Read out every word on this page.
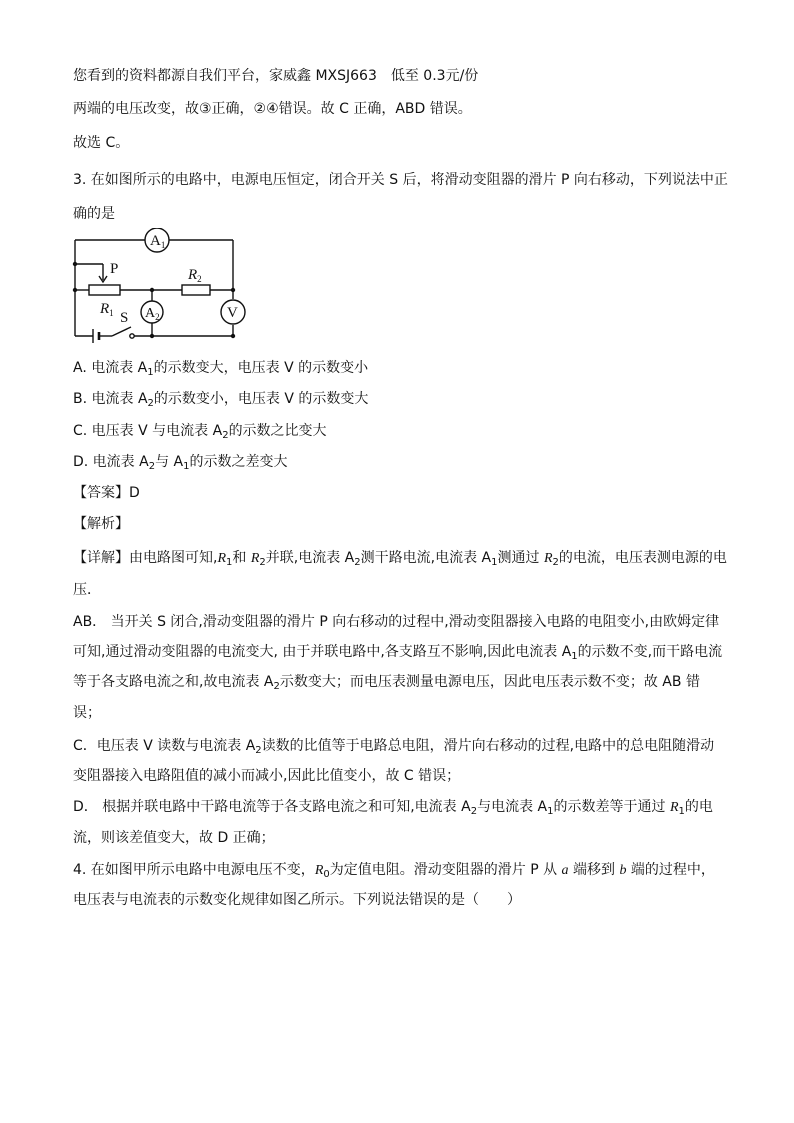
您看到的资料都源自我们平台，家威鑫 MXSJ663　低至 0.3元/份
两端的电压改变，故③正确，②④错误。故 C 正确，ABD 错误。
故选 C。
3. 在如图所示的电路中，电源电压恒定，闭合开关 S 后，将滑动变阻器的滑片 P 向右移动，下列说法中正
确的是
$A_1$
P	$R_2$
$R_1$ S $A_2$	V
A. 电流表 $A_1$的示数变大，电压表 V 的示数变小
B. 电流表 $A_2$的示数变小，电压表 V 的示数变大
C. 电压表 V 与电流表 $A_2$的示数之比变大
D. 电流表 $A_2$与 $A_1$的示数之差变大
【答案】D
【解析】
【详解】由电路图可知$,R_1$和 $R_2$并联,电流表 $A_2$测干路电流,电流表 $A_1$测通过 $R_2$的电流，电压表测电源的电
压．
AB． 当开关 S 闭合,滑动变阻器的滑片 P 向右移动的过程中,滑动变阻器接入电路的电阻变小,由欧姆定律
可知,通过滑动变阻器的电流变大, 由于并联电路中,各支路互不影响,因此电流表 $A_1$的示数不变,而干路电流
等于各支路电流之和,故电流表 $A_2$示数变大；而电压表测量电源电压，因此电压表示数不变；故 AB 错
误；
C．电压表 V 读数与电流表 $A_2$读数的比值等于电路总电阻，滑片向右移动的过程,电路中的总电阻随滑动
变阻器接入电路阻值的减小而减小,因此比值变小，故 C 错误；
D． 根据并联电路中干路电流等于各支路电流之和可知,电流表 $A_2$与电流表 $A_1$的示数差等于通过 $R_1$的电
流，则该差值变大，故 D 正确；
4. 在如图甲所示电路中电源电压不变，$R_0$为定值电阻。滑动变阻器的滑片 P 从 a 端移到 b 端的过程中，
电压表与电流表的示数变化规律如图乙所示。下列说法错误的是（　　）
